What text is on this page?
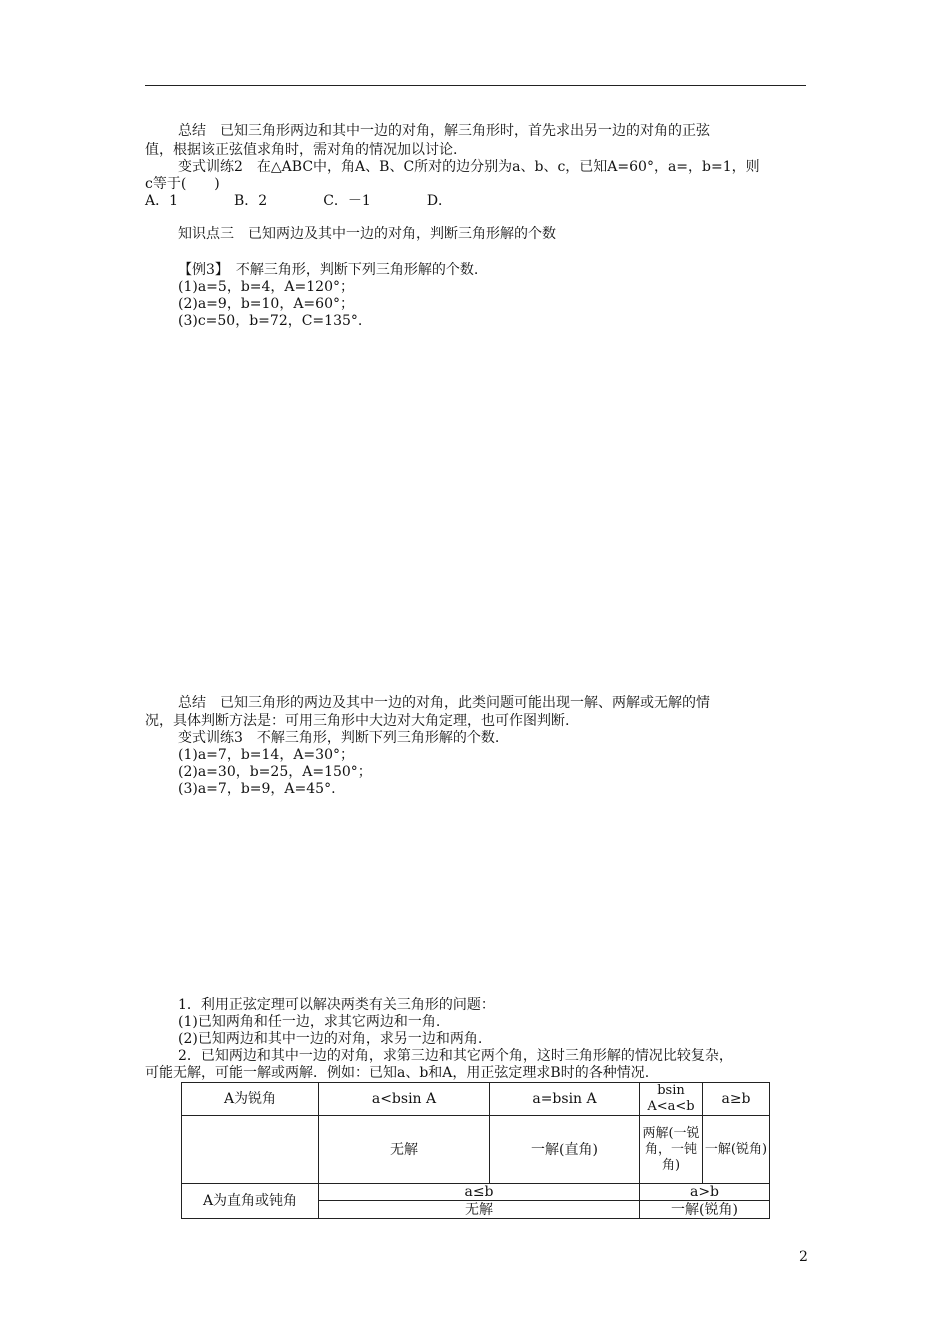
总结　已知三角形两边和其中一边的对角，解三角形时，首先求出另一边的对角的正弦
值，根据该正弦值求角时，需对角的情况加以讨论.
变式训练2　在△ABC中，角A、B、C所对的边分别为a、b、c，已知A=60°，a=，b=1，则
c等于(　　)
A．1　　　　B．2　　　　C．－1　　　　D．
知识点三　已知两边及其中一边的对角，判断三角形解的个数
【例3】　不解三角形，判断下列三角形解的个数.
(1)a=5，b=4，A=120°；
(2)a=9，b=10，A=60°；
(3)c=50，b=72，C=135°.
总结　已知三角形的两边及其中一边的对角，此类问题可能出现一解、两解或无解的情
况，具体判断方法是：可用三角形中大边对大角定理，也可作图判断.
变式训练3　不解三角形，判断下列三角形解的个数.
(1)a=7，b=14，A=30°；
(2)a=30，b=25，A=150°；
(3)a=7，b=9，A=45°.
1．利用正弦定理可以解决两类有关三角形的问题：
(1)已知两角和任一边，求其它两边和一角.
(2)已知两边和其中一边的对角，求另一边和两角.
2．已知两边和其中一边的对角，求第三边和其它两个角，这时三角形解的情况比较复杂，
可能无解，可能一解或两解．例如：已知a、b和A，用正弦定理求B时的各种情况.
A为锐角	a<bsin A	a=bsin A	bsin A<a<b	a≥b
	无解	一解(直角)	两解(一锐角，一钝角)	一解(锐角)
A为直角或钝角	a≤b		a>b	
	无解		一解(锐角)	
2
